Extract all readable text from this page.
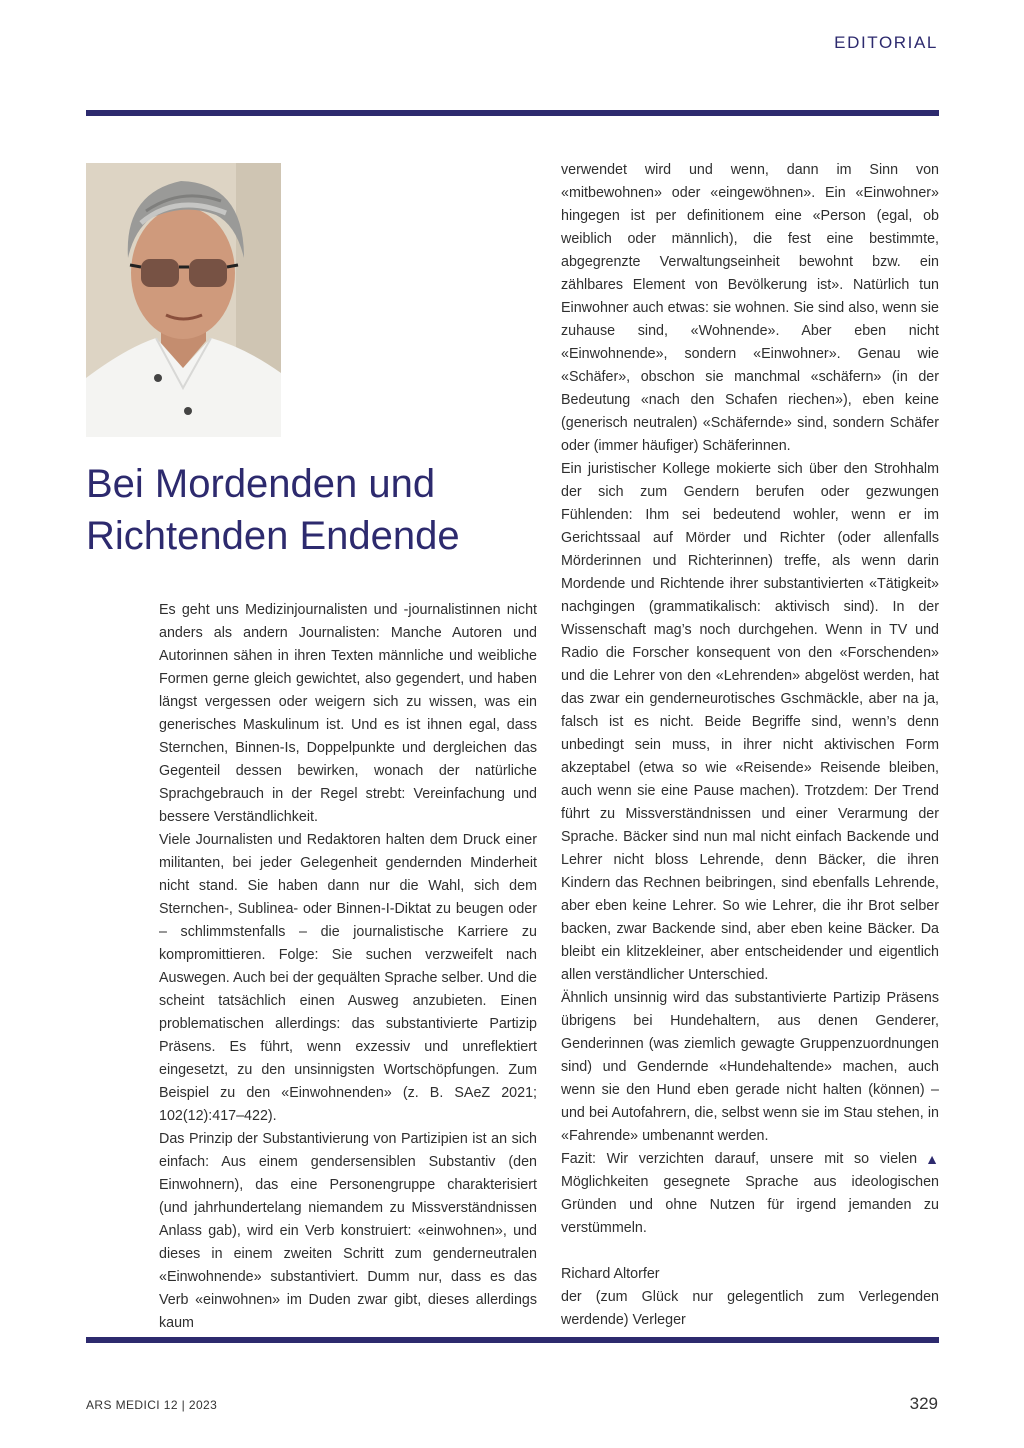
EDITORIAL
Bei Mordenden und
Richtenden Endende

Es geht uns Medizinjournalisten und -journalistinnen nicht anders als andern Journalisten: Manche Autoren und Autorinnen sähen in ihren Texten männliche und weibliche Formen gerne gleich gewichtet, also gegendert, und haben längst vergessen oder weigern sich zu wissen, was ein generisches Maskulinum ist. Und es ist ihnen egal, dass Sternchen, Binnen-Is, Doppelpunkte und dergleichen das Gegenteil dessen bewirken, wonach der natürliche Sprachgebrauch in der Regel strebt: Vereinfachung und bessere Verständlichkeit.

Viele Journalisten und Redaktoren halten dem Druck einer militanten, bei jeder Gelegenheit gendernden Minderheit nicht stand. Sie haben dann nur die Wahl, sich dem Sternchen-, Sublinea- oder Binnen-I-Diktat zu beugen oder – schlimmstenfalls – die journalistische Karriere zu kompromittieren. Folge: Sie suchen verzweifelt nach Auswegen. Auch bei der gequälten Sprache selber. Und die scheint tatsächlich einen Ausweg anzubieten. Einen problematischen allerdings: das substantivierte Partizip Präsens. Es führt, wenn exzessiv und unreflektiert eingesetzt, zu den unsinnigsten Wortschöpfungen. Zum Beispiel zu den «Einwohnenden» (z. B. SAeZ 2021; 102(12):417–422).

Das Prinzip der Substantivierung von Partizipien ist an sich einfach: Aus einem gendersensiblen Substantiv (den Einwohnern), das eine Personengruppe charakterisiert (und jahrhundertelang niemandem zu Missverständnissen Anlass gab), wird ein Verb konstruiert: «einwohnen», und dieses in einem zweiten Schritt zum genderneutralen «Einwohnende» substantiviert. Dumm nur, dass es das Verb «einwohnen» im Duden zwar gibt, dieses allerdings kaum

verwendet wird und wenn, dann im Sinn von «mitbewohnen» oder «eingewöhnen». Ein «Einwohner» hingegen ist per definitionem eine «Person (egal, ob weiblich oder männlich), die fest eine bestimmte, abgegrenzte Verwaltungseinheit bewohnt bzw. ein zählbares Element von Bevölkerung ist». Natürlich tun Einwohner auch etwas: sie wohnen. Sie sind also, wenn sie zuhause sind, «Wohnende». Aber eben nicht «Einwohnende», sondern «Einwohner». Genau wie «Schäfer», obschon sie manchmal «schäfern» (in der Bedeutung «nach den Schafen riechen»), eben keine (generisch neutralen) «Schäfernde» sind, sondern Schäfer oder (immer häufiger) Schäferinnen.

Ein juristischer Kollege mokierte sich über den Strohhalm der sich zum Gendern berufen oder gezwungen Fühlenden: Ihm sei bedeutend wohler, wenn er im Gerichtssaal auf Mörder und Richter (oder allenfalls Mörderinnen und Richterinnen) treffe, als wenn darin Mordende und Richtende ihrer substantivierten «Tätigkeit» nachgingen (grammatikalisch: aktivisch sind). In der Wissenschaft mag’s noch durchgehen. Wenn in TV und Radio die Forscher konsequent von den «Forschenden» und die Lehrer von den «Lehrenden» abgelöst werden, hat das zwar ein genderneurotisches Gschmäckle, aber na ja, falsch ist es nicht. Beide Begriffe sind, wenn’s denn unbedingt sein muss, in ihrer nicht aktivischen Form akzeptabel (etwa so wie «Reisende» Reisende bleiben, auch wenn sie eine Pause machen). Trotzdem: Der Trend führt zu Missverständnissen und einer Verarmung der Sprache. Bäcker sind nun mal nicht einfach Backende und Lehrer nicht bloss Lehrende, denn Bäcker, die ihren Kindern das Rechnen beibringen, sind ebenfalls Lehrende, aber eben keine Lehrer. So wie Lehrer, die ihr Brot selber backen, zwar Backende sind, aber eben keine Bäcker. Da bleibt ein klitzekleiner, aber entscheidender und eigentlich allen verständlicher Unterschied.

Ähnlich unsinnig wird das substantivierte Partizip Präsens übrigens bei Hundehaltern, aus denen Genderer, Genderinnen (was ziemlich gewagte Gruppenzuordnungen sind) und Gendernde «Hundehaltende» machen, auch wenn sie den Hund eben gerade nicht halten (können) – und bei Autofahrern, die, selbst wenn sie im Stau stehen, in «Fahrende» umbenannt werden.

▲
Fazit: Wir verzichten darauf, unsere mit so vielen Möglichkeiten gesegnete Sprache aus ideologischen Gründen und ohne Nutzen für irgend jemanden zu verstümmeln.

Richard Altorfer

der (zum Glück nur gelegentlich zum Verlegenden werdende) Verleger

ARS MEDICI 12 | 2023	329
